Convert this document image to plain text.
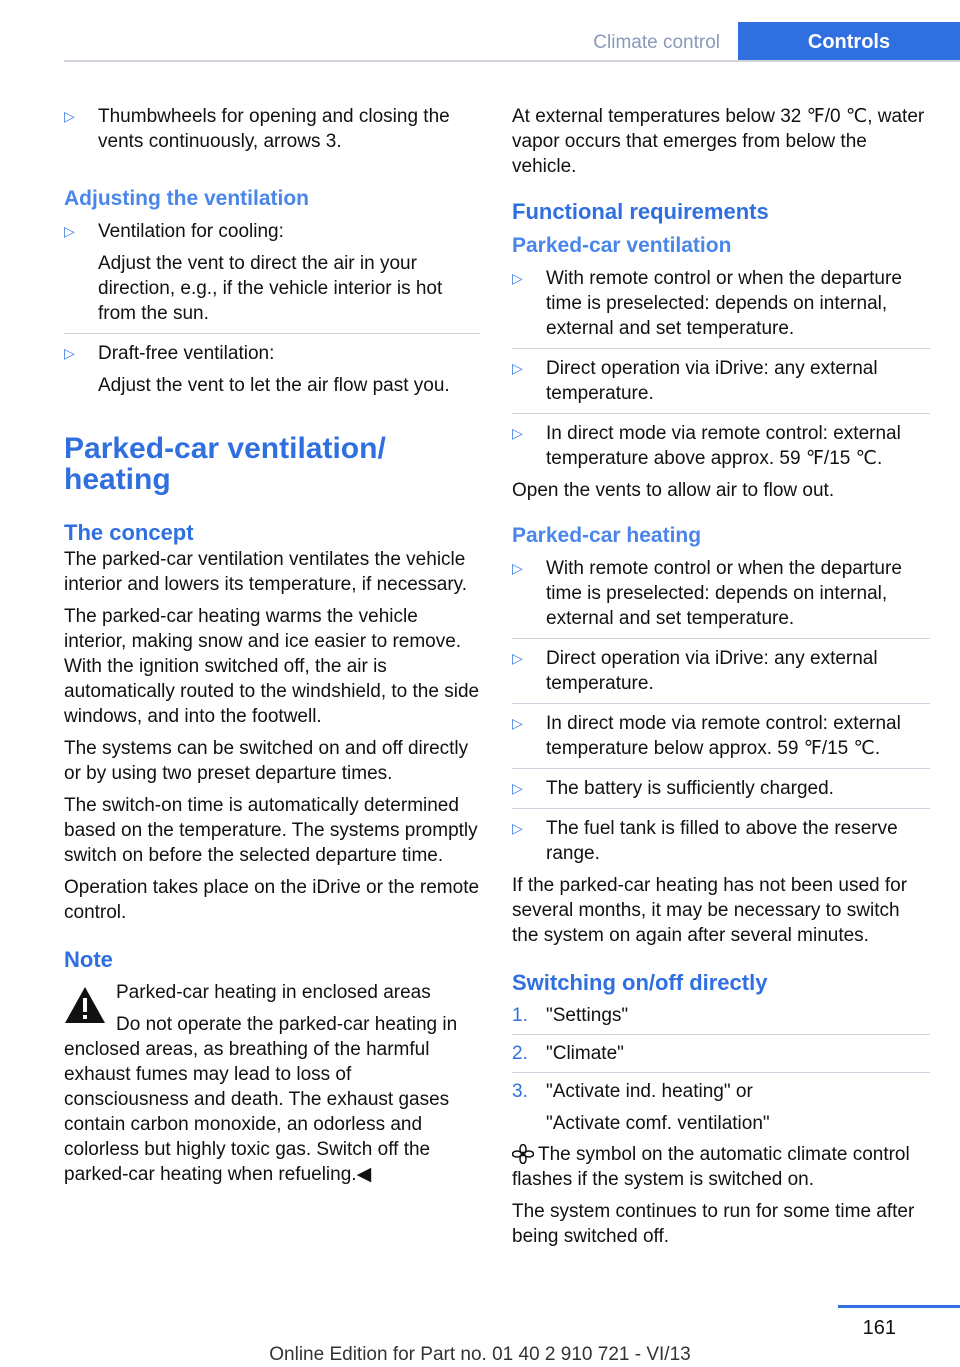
Climate control	Controls
▷ Thumbwheels for opening and closing the vents continuously, arrows 3.

Adjusting the ventilation
▷ Ventilation for cooling:

Adjust the vent to direct the air in your direction, e.g., if the vehicle interior is hot from the sun.

▷ Draft-free ventilation:

Adjust the vent to let the air flow past you.

Parked-car ventilation/ heating
The concept

The parked-car ventilation ventilates the vehicle interior and lowers its temperature, if necessary.

The parked-car heating warms the vehicle interior, making snow and ice easier to remove. With the ignition switched off, the air is automatically routed to the windshield, to the side windows, and into the footwell.

The systems can be switched on and off directly or by using two preset departure times.

The switch-on time is automatically determined based on the temperature. The systems promptly switch on before the selected departure time.

Operation takes place on the iDrive or the remote control.

Note

Parked-car heating in enclosed areas

Do not operate the parked-car heating in

enclosed areas, as breathing of the harmful exhaust fumes may lead to loss of consciousness and death. The exhaust gases contain carbon monoxide, an odorless and colorless but highly toxic gas. Switch off the parked-car heating when refueling.◀

At external temperatures below 32 ℉/0 ℃, water vapor occurs that emerges from below the vehicle.

Functional requirements
Parked-car ventilation
▷ With remote control or when the departure time is preselected: depends on internal, external and set temperature.

▷ Direct operation via iDrive: any external temperature.

▷ In direct mode via remote control: external temperature above approx. 59 ℉/15 ℃.

Open the vents to allow air to flow out.

Parked-car heating
▷ With remote control or when the departure time is preselected: depends on internal, external and set temperature.

▷ Direct operation via iDrive: any external temperature.

▷ In direct mode via remote control: external temperature below approx. 59 ℉/15 ℃.

▷ The battery is sufficiently charged.

▷ The fuel tank is filled to above the reserve range.

If the parked-car heating has not been used for several months, it may be necessary to switch the system on again after several minutes.

Switching on/off directly
1. "Settings"

2. "Climate"

3. "Activate ind. heating" or

"Activate comf. ventilation"

The symbol on the automatic climate control flashes if the system is switched on.

The system continues to run for some time after being switched off.

161
Online Edition for Part no. 01 40 2 910 721 - VI/13
